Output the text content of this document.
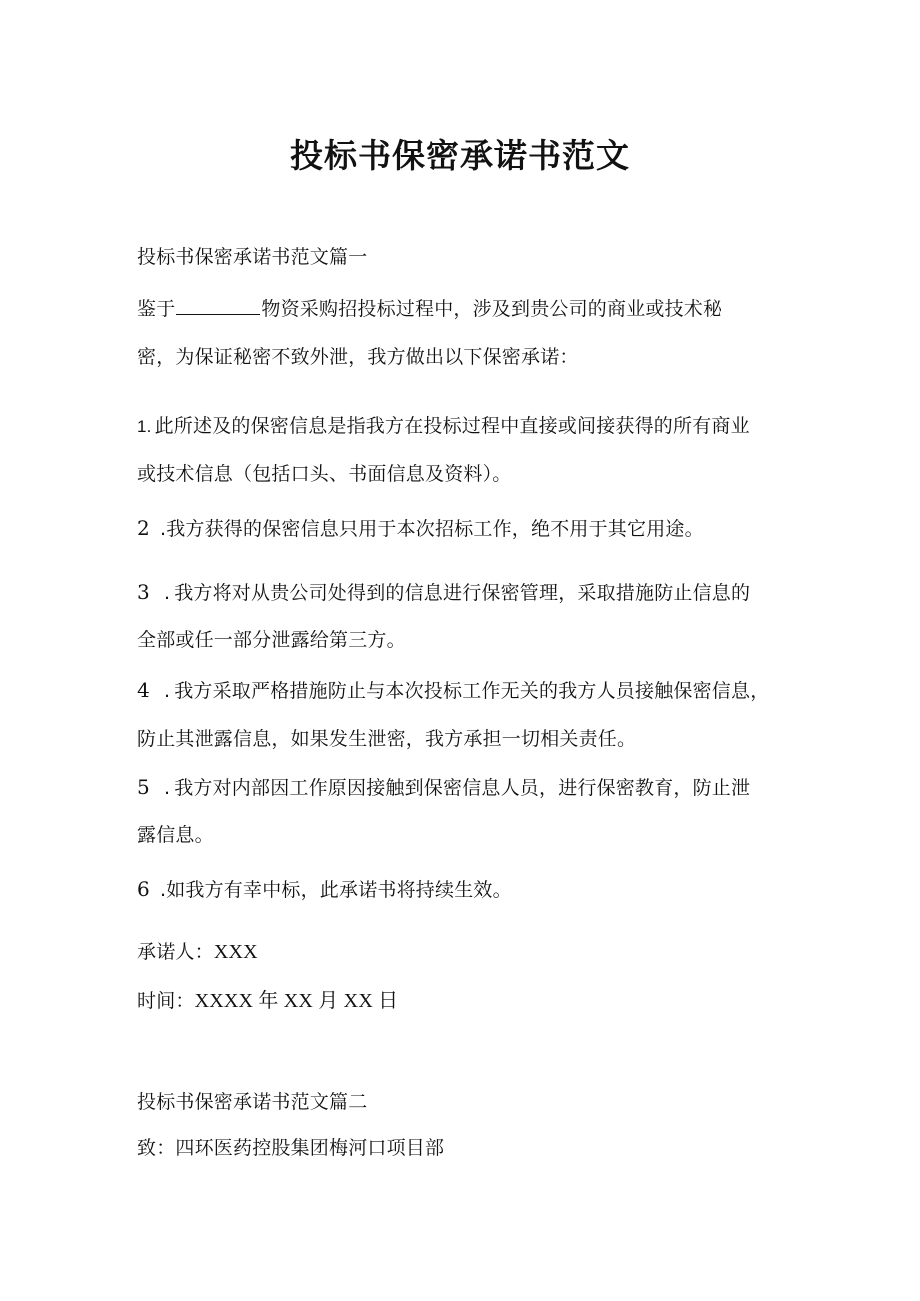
投标书保密承诺书范文
投标书保密承诺书范文篇一
鉴于	物资采购招投标过程中，涉及到贵公司的商业或技术秘
密，为保证秘密不致外泄，我方做出以下保密承诺：
1. 此所述及的保密信息是指我方在投标过程中直接或间接获得的所有商业
或技术信息（包括口头、书面信息及资料）。
2 .我方获得的保密信息只用于本次招标工作，绝不用于其它用途。
3 . 我方将对从贵公司处得到的信息进行保密管理，采取措施防止信息的
全部或任一部分泄露给第三方。
4 . 我方采取严格措施防止与本次投标工作无关的我方人员接触保密信息，
防止其泄露信息，如果发生泄密，我方承担一切相关责任。
5 . 我方对内部因工作原因接触到保密信息人员，进行保密教育，防止泄
露信息。
6 .如我方有幸中标，此承诺书将持续生效。
承诺人：XXX
时间：XXXX 年 XX 月 XX 日
投标书保密承诺书范文篇二
致：四环医药控股集团梅河口项目部
